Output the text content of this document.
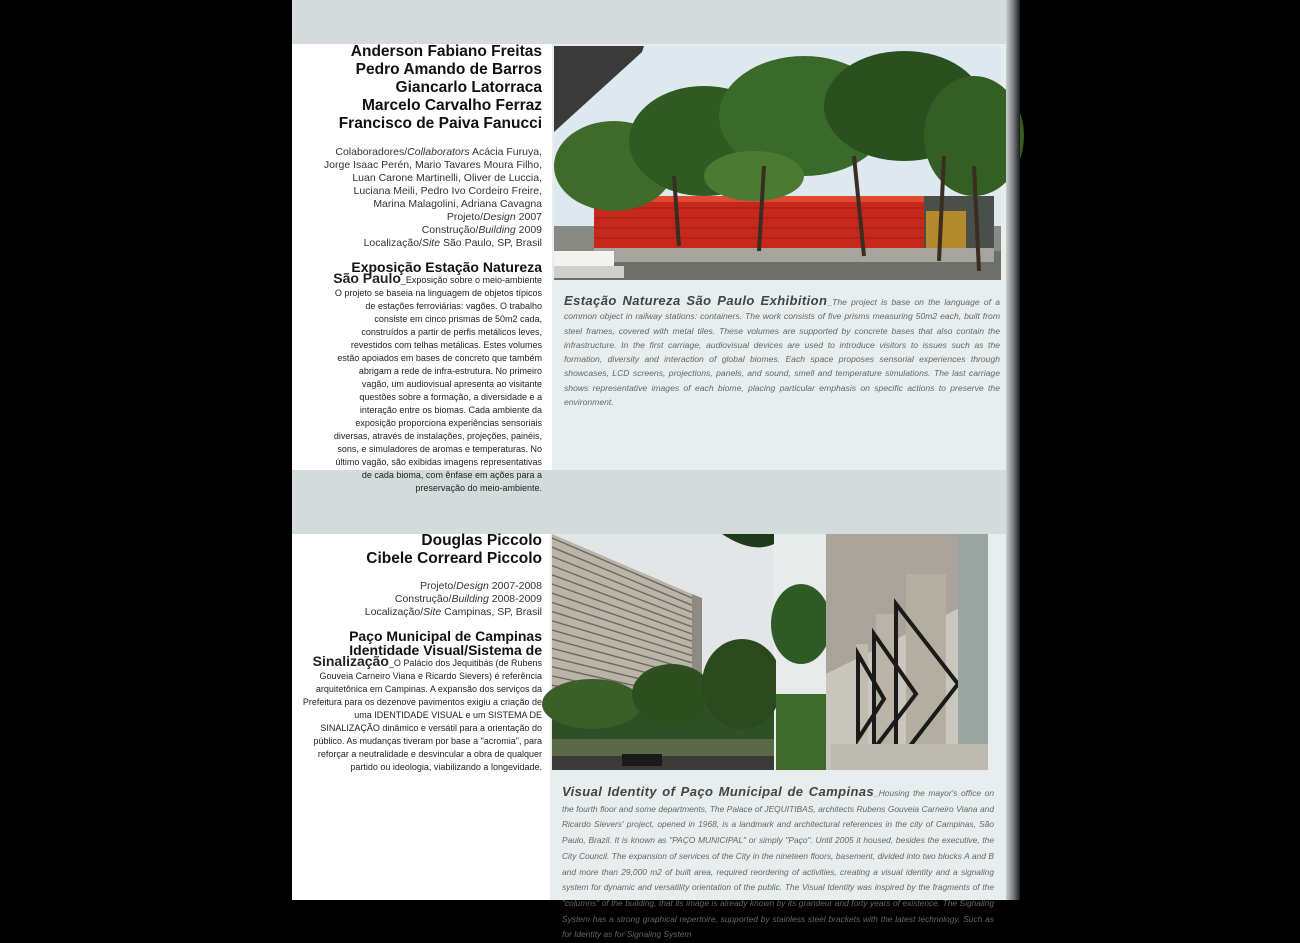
Anderson Fabiano Freitas
Pedro Amando de Barros
Giancarlo Latorraca
Marcelo Carvalho Ferraz
Francisco de Paiva Fanucci
Colaboradores/Collaborators Acácia Furuya,
Jorge Isaac Perén, Mario Tavares Moura Filho,
Luan Carone Martinelli, Oliver de Luccia,
Luciana Meili, Pedro Ivo Cordeiro Freire,
Marina Malagolini, Adriana Cavagna
Projeto/Design 2007
Construção/Building 2009
Localização/Site São Paulo, SP, Brasil
Exposição Estação Natureza
São Paulo_Exposição sobre o meio-ambiente O projeto se baseia na linguagem de objetos típicos de estações ferroviárias: vagões. O trabalho consiste em cinco prismas de 50m2 cada, construídos a partir de perfis metálicos leves, revestidos com telhas metálicas. Estes volumes estão apoiados em bases de concreto que também abrigam a rede de infra-estrutura. No primeiro vagão, um audiovisual apresenta ao visitante questões sobre a formação, a diversidade e a interação entre os biomas. Cada ambiente da exposição proporciona experiências sensoriais diversas, através de instalações, projeções, painéis, sons, e simuladores de aromas e temperaturas. No último vagão, são exibidas imagens representativas de cada bioma, com ênfase em ações para a preservação do meio-ambiente.
Estação Natureza São Paulo Exhibition_The project is base on the language of a common object in railway stations: containers. The work consists of five prisms measuring 50m2 each, built from steel frames, covered with metal tiles. These volumes are supported by concrete bases that also contain the infrastructure. In the first carriage, audiovisual devices are used to introduce visitors to issues such as the formation, diversity and interaction of global biomes. Each space proposes sensorial experiences through showcases, LCD screens, projections, panels, and sound, smell and temperature simulations. The last carriage shows representative images of each biome, placing particular emphasis on specific actions to preserve the environment.
Douglas Piccolo
Cibele Correard Piccolo
Projeto/Design 2007-2008
Construção/Building 2008-2009
Localização/Site Campinas, SP, Brasil
Paço Municipal de Campinas
Identidade Visual/Sistema de
Sinalização_O Palácio dos Jequitibás (de Rubens Gouveia Carneiro Viana e Ricardo Sievers) é referência arquitetônica em Campinas. A expansão dos serviços da Prefeitura para os dezenove pavimentos exigiu a criação de uma IDENTIDADE VISUAL e um SISTEMA DE SINALIZAÇÃO dinâmico e versátil para a orientação do público. As mudanças tiveram por base a "acromia", para reforçar a neutralidade e desvincular a obra de qualquer partido ou ideologia, viabilizando a longevidade.
Visual Identity of Paço Municipal de Campinas_Housing the mayor's office on the fourth floor and some departments, The Palace of JEQUITIBAS, architects Rubens Gouveia Carneiro Viana and Ricardo Sievers' project, opened in 1968, is a landmark and architectural references in the city of Campinas, São Paulo, Brazil. It is known as "PAÇO MUNICIPAL" or simply "Paço". Until 2005 it housed, besides the executive, the City Council. The expansion of services of the City in the nineteen floors, basement, divided into two blocks A and B and more than 29,000 m2 of built area, required reordering of activities, creating a visual identity and a signaling system for dynamic and versatility orientation of the public. The Visual Identity was inspired by the fragments of the "columns" of the building, that its image is already known by its grandeur and forty years of existence. The Signaling System has a strong graphical repertoire, supported by stainless steel brackets with the latest technology. Such as for Identity as for Signaling System
